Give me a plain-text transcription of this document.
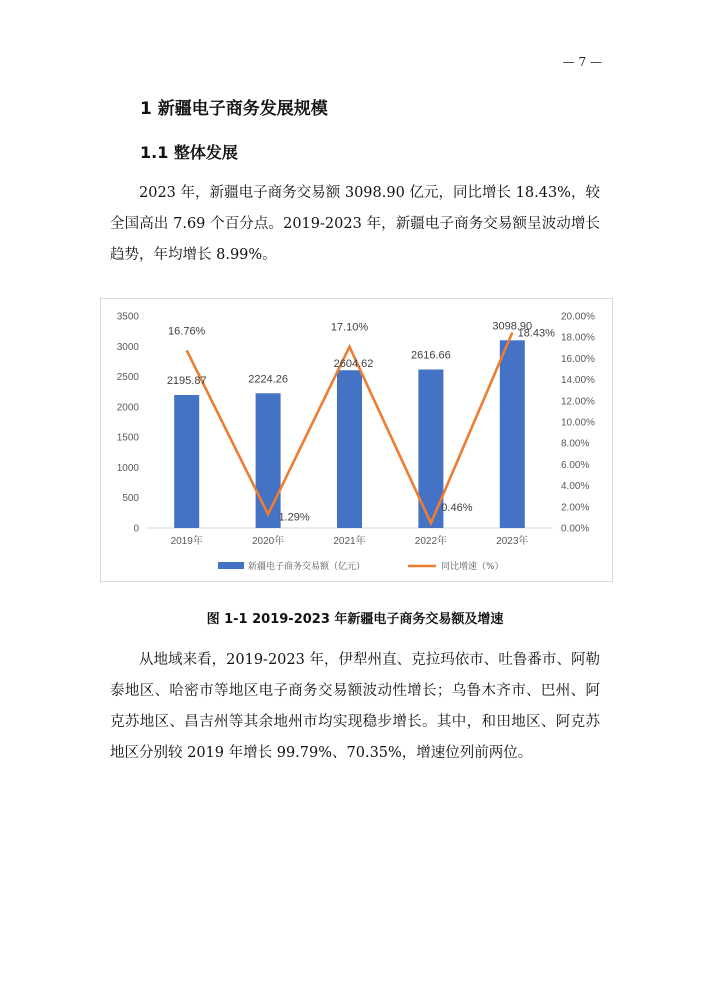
— 7 —
1 新疆电子商务发展规模
1.1 整体发展

2023 年，新疆电子商务交易额 3098.90 亿元，同比增长 18.43%，较全国高出 7.69 个百分点。2019-2023 年，新疆电子商务交易额呈波动增长趋势，年均增长 8.99%。

0
500
1000
1500
2000
2500
3000
3500
0.00%
2.00%
4.00%
6.00%
8.00%
10.00%
12.00%
14.00%
16.00%
18.00%
20.00%
2019年	2020年	2021年	2022年	2023年
2195.87	2224.26
2604.62
2616.66
3098.90
16.76%
1.29%
17.10%
0.46%
18.43%
新疆电子商务交易额（亿元）	同比增速（%）
图 1-1 2019-2023 年新疆电子商务交易额及增速

从地域来看，2019-2023 年，伊犁州直、克拉玛依市、吐鲁番市、阿勒泰地区、哈密市等地区电子商务交易额波动性增长；乌鲁木齐市、巴州、阿克苏地区、昌吉州等其余地州市均实现稳步增长。其中，和田地区、阿克苏地区分别较 2019 年增长 99.79%、70.35%，增速位列前两位。
